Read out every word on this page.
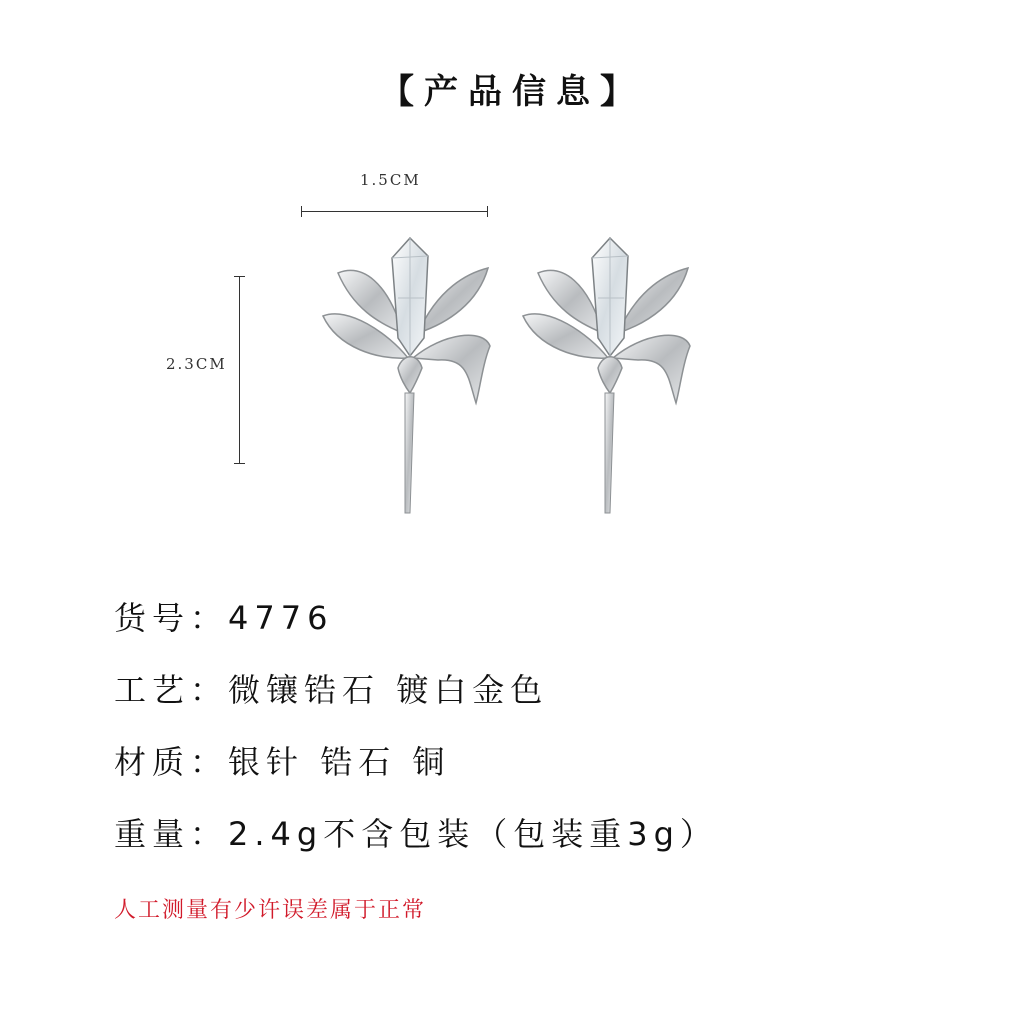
【产品信息】
1.5CM
2.3CM
货号：4776
工艺：微镶锆石 镀白金色
材质：银针 锆石 铜
重量：2.4g不含包装（包装重3g）
人工测量有少许误差属于正常
